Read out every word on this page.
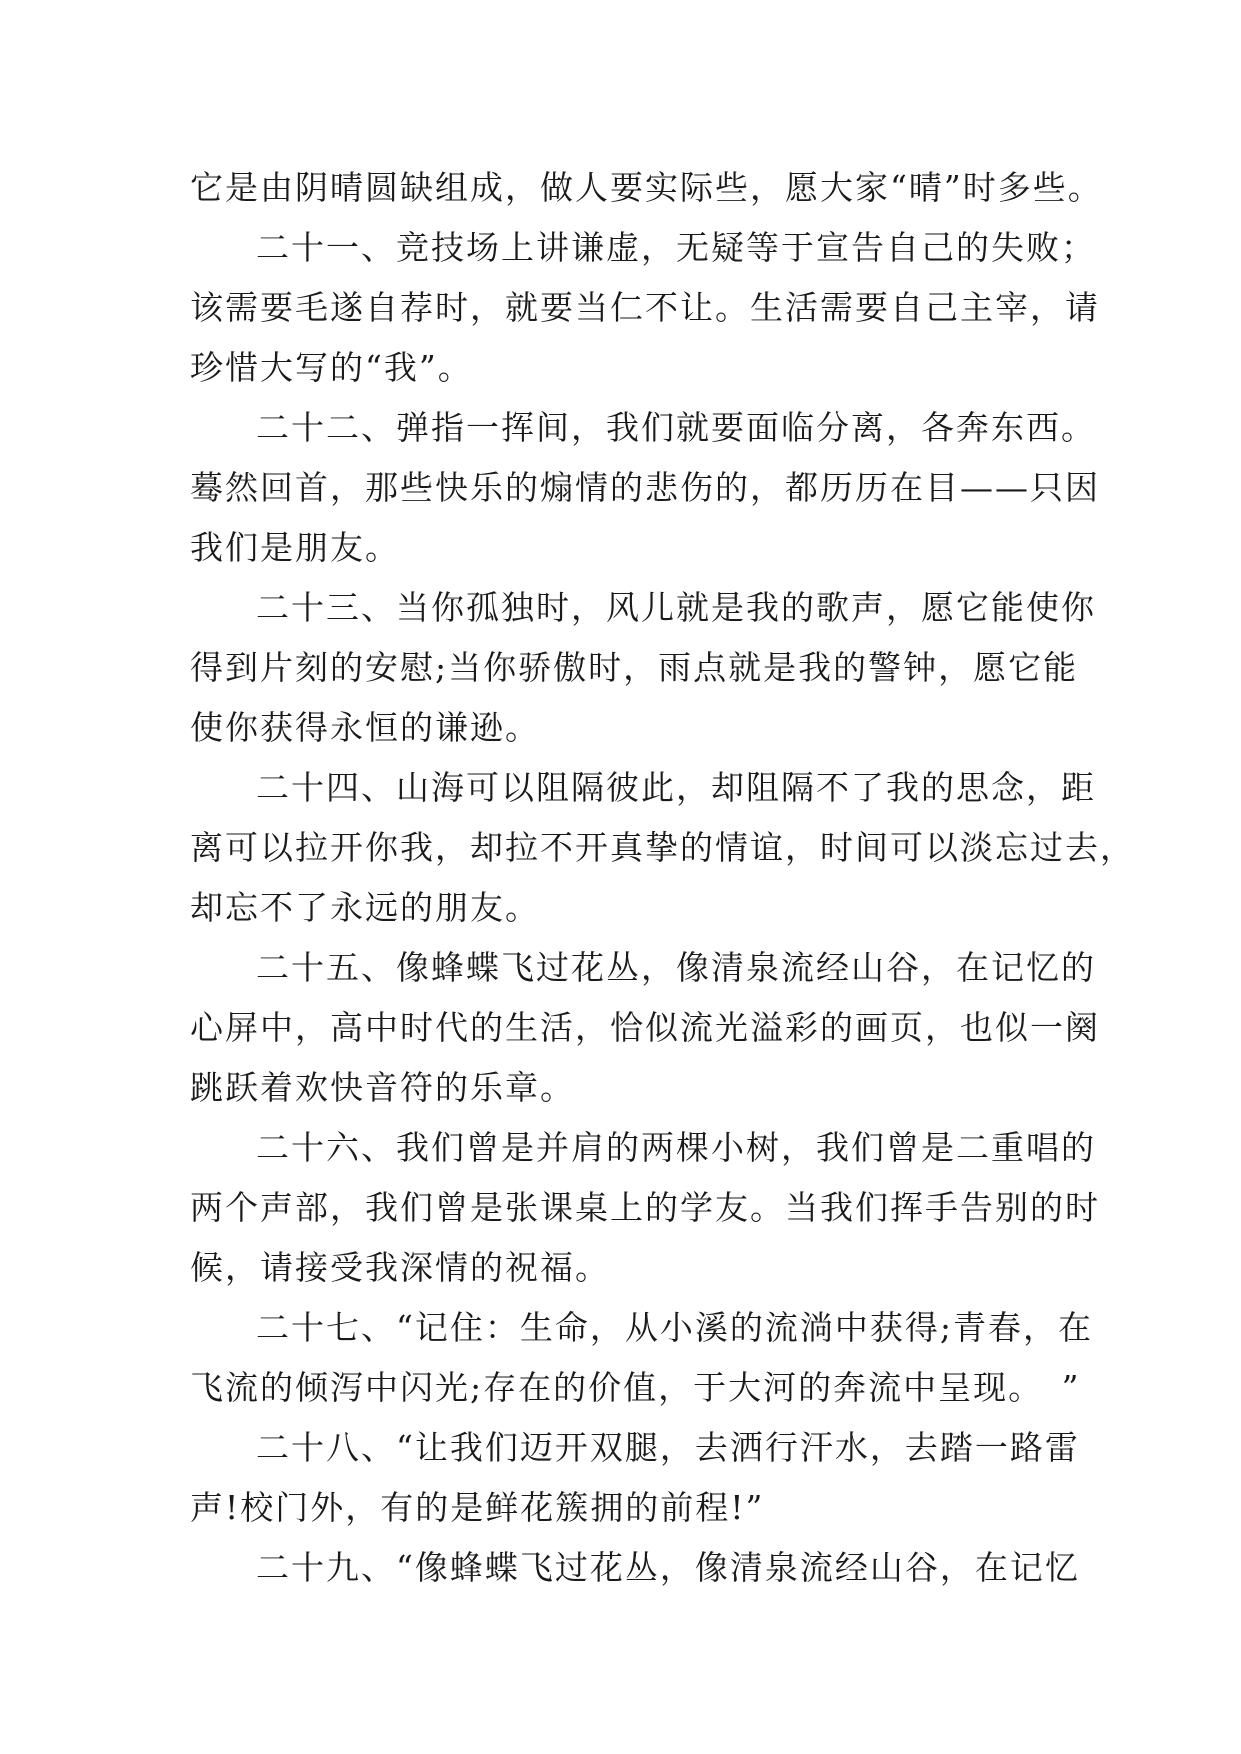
它是由阴晴圆缺组成，做人要实际些，愿大家“晴”时多些。
二十一、竞技场上讲谦虚，无疑等于宣告自己的失败；
该需要毛遂自荐时，就要当仁不让。生活需要自己主宰，请
珍惜大写的“我”。
二十二、弹指一挥间，我们就要面临分离，各奔东西。
蓦然回首，那些快乐的煽情的悲伤的，都历历在目——只因
我们是朋友。
二十三、当你孤独时，风儿就是我的歌声，愿它能使你
得到片刻的安慰;当你骄傲时，雨点就是我的警钟，愿它能
使你获得永恒的谦逊。
二十四、山海可以阻隔彼此，却阻隔不了我的思念，距
离可以拉开你我，却拉不开真挚的情谊，时间可以淡忘过去，
却忘不了永远的朋友。
二十五、像蜂蝶飞过花丛，像清泉流经山谷，在记忆的
心屏中，高中时代的生活，恰似流光溢彩的画页，也似一阕
跳跃着欢快音符的乐章。
二十六、我们曾是并肩的两棵小树，我们曾是二重唱的
两个声部，我们曾是张课桌上的学友。当我们挥手告别的时
候，请接受我深情的祝福。
二十七、“记住：生命，从小溪的流淌中获得;青春，在
飞流的倾泻中闪光;存在的价值，于大河的奔流中呈现。　”
二十八、“让我们迈开双腿，去洒行汗水，去踏一路雷
声!校门外，有的是鲜花簇拥的前程!”
二十九、“像蜂蝶飞过花丛，像清泉流经山谷，在记忆
